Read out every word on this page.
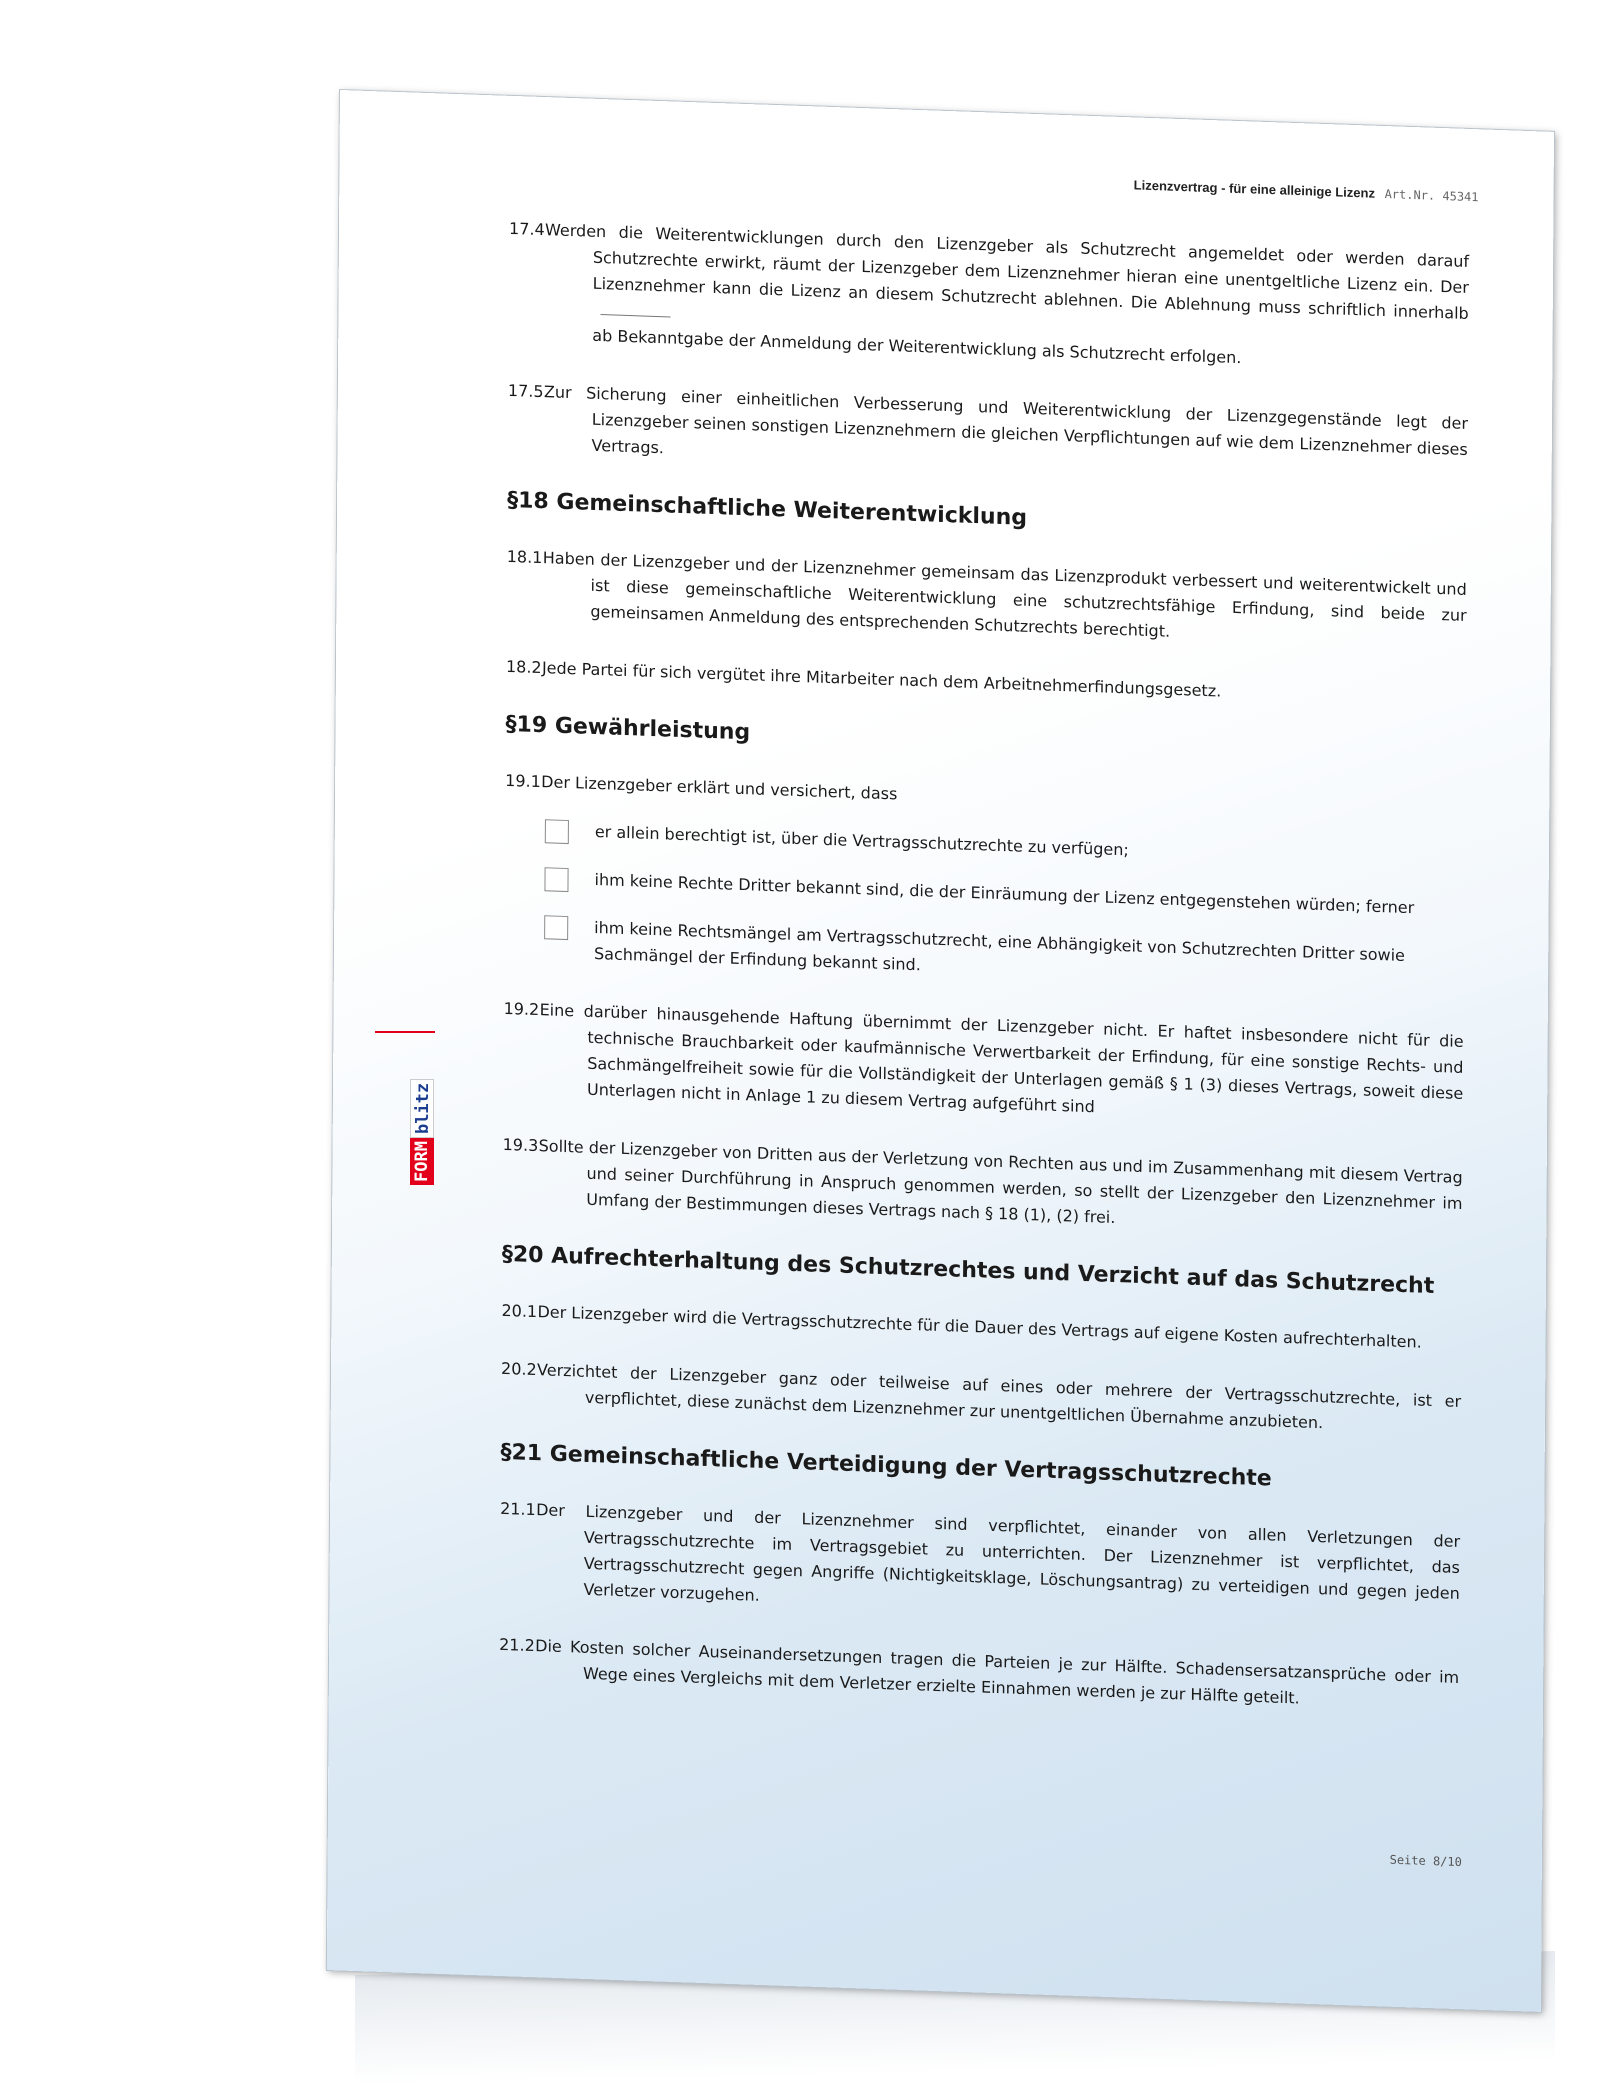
Lizenzvertrag - für eine alleinige Lizenz Art.Nr. 45341
17.4 Werden die Weiterentwicklungen durch den Lizenzgeber als Schutzrecht angemeldet oder werden darauf Schutzrechte erwirkt, räumt der Lizenzgeber dem Lizenznehmer hieran eine unentgeltliche Lizenz ein. Der Lizenznehmer kann die Lizenz an diesem Schutzrecht ablehnen. Die Ablehnung muss schriftlich innerhalb
ab Bekanntgabe der Anmeldung der Weiterentwicklung als Schutzrecht erfolgen.
17.5 Zur Sicherung einer einheitlichen Verbesserung und Weiterentwicklung der Lizenzgegenstände legt der Lizenzgeber seinen sonstigen Lizenznehmern die gleichen Verpflichtungen auf wie dem Lizenznehmer dieses Vertrags.
§18 Gemeinschaftliche Weiterentwicklung
18.1 Haben der Lizenzgeber und der Lizenznehmer gemeinsam das Lizenzprodukt verbessert und weiterentwickelt und ist diese gemeinschaftliche Weiterentwicklung eine schutzrechtsfähige Erfindung, sind beide zur gemeinsamen Anmeldung des entsprechenden Schutzrechts berechtigt.
18.2 Jede Partei für sich vergütet ihre Mitarbeiter nach dem Arbeitnehmerfindungsgesetz.
§19 Gewährleistung
19.1 Der Lizenzgeber erklärt und versichert, dass
er allein berechtigt ist, über die Vertragsschutzrechte zu verfügen;
ihm keine Rechte Dritter bekannt sind, die der Einräumung der Lizenz entgegenstehen würden; ferner
ihm keine Rechtsmängel am Vertragsschutzrecht, eine Abhängigkeit von Schutzrechten Dritter sowie Sachmängel der Erfindung bekannt sind.
19.2 Eine darüber hinausgehende Haftung übernimmt der Lizenzgeber nicht. Er haftet insbesondere nicht für die technische Brauchbarkeit oder kaufmännische Verwertbarkeit der Erfindung, für eine sonstige Rechts- und Sachmängelfreiheit sowie für die Vollständigkeit der Unterlagen gemäß § 1 (3) dieses Vertrags, soweit diese Unterlagen nicht in Anlage 1 zu diesem Vertrag aufgeführt sind
19.3 Sollte der Lizenzgeber von Dritten aus der Verletzung von Rechten aus und im Zusammenhang mit diesem Vertrag und seiner Durchführung in Anspruch genommen werden, so stellt der Lizenzgeber den Lizenznehmer im Umfang der Bestimmungen dieses Vertrags nach § 18 (1), (2) frei.
§20 Aufrechterhaltung des Schutzrechtes und Verzicht auf das Schutzrecht
20.1 Der Lizenzgeber wird die Vertragsschutzrechte für die Dauer des Vertrags auf eigene Kosten aufrechterhalten.
20.2 Verzichtet der Lizenzgeber ganz oder teilweise auf eines oder mehrere der Vertragsschutzrechte, ist er verpflichtet, diese zunächst dem Lizenznehmer zur unentgeltlichen Übernahme anzubieten.
§21 Gemeinschaftliche Verteidigung der Vertragsschutzrechte
21.1 Der Lizenzgeber und der Lizenznehmer sind verpflichtet, einander von allen Verletzungen der Vertragsschutzrechte im Vertragsgebiet zu unterrichten. Der Lizenznehmer ist verpflichtet, das Vertragsschutzrecht gegen Angriffe (Nichtigkeitsklage, Löschungsantrag) zu verteidigen und gegen jeden Verletzer vorzugehen.
21.2 Die Kosten solcher Auseinandersetzungen tragen die Parteien je zur Hälfte. Schadensersatzansprüche oder im Wege eines Vergleichs mit dem Verletzer erzielte Einnahmen werden je zur Hälfte geteilt.
Seite 8/10
FORM
blitz
